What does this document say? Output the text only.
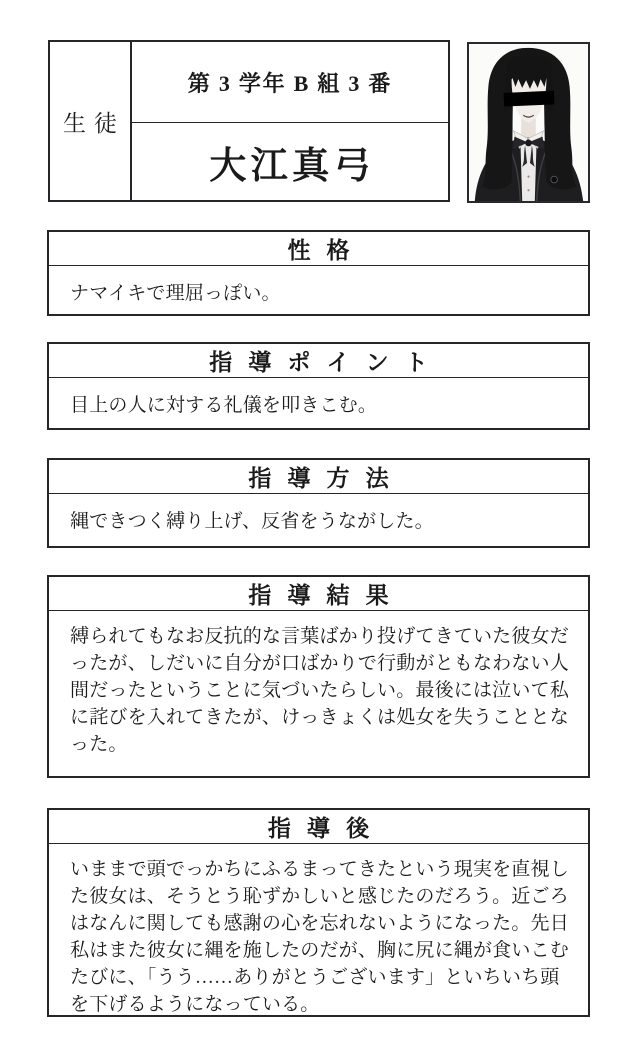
生徒
第 3 学年 B 組 3 番
大江真弓
性格
ナマイキで理屈っぽい。
指導ポイント
目上の人に対する礼儀を叩きこむ。
指導方法
縄できつく縛り上げ、反省をうながした。
指導結果
縛られてもなお反抗的な言葉ばかり投げてきていた彼女だったが、しだいに自分が口ばかりで行動がともなわない人間だったということに気づいたらしい。最後には泣いて私に詫びを入れてきたが、けっきょくは処女を失うこととなった。
指導後
いままで頭でっかちにふるまってきたという現実を直視した彼女は、そうとう恥ずかしいと感じたのだろう。近ごろはなんに関しても感謝の心を忘れないようになった。先日私はまた彼女に縄を施したのだが、胸に尻に縄が食いこむたびに、「うう……ありがとうございます」といちいち頭を下げるようになっている。
